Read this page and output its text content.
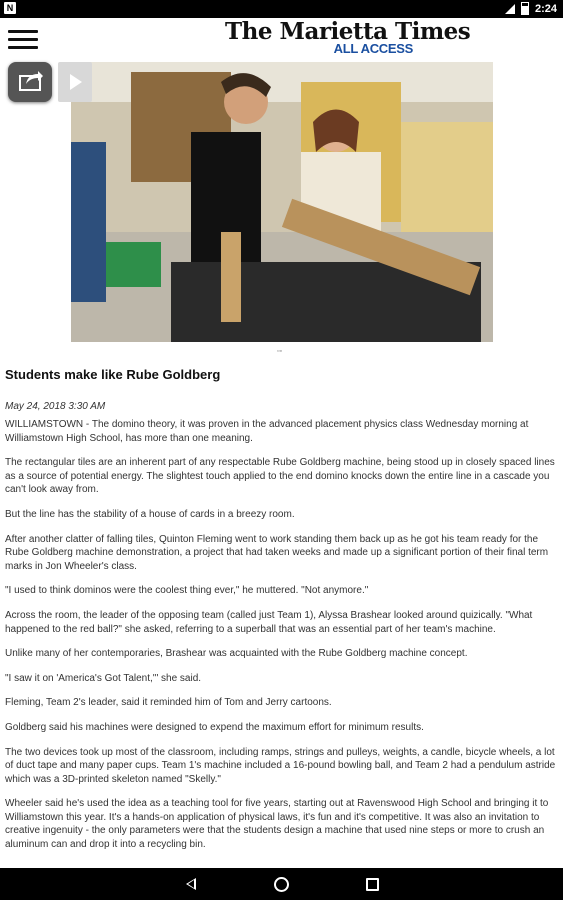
N	2:24
The Marietta Times
ALL ACCESS
▫▫
Students make like Rube Goldberg
May 24, 2018 3:30 AM

WILLIAMSTOWN - The domino theory, it was proven in the advanced placement physics class Wednesday morning at Williamstown High School, has more than one meaning.

The rectangular tiles are an inherent part of any respectable Rube Goldberg machine, being stood up in closely spaced lines as a source of potential energy. The slightest touch applied to the end domino knocks down the entire line in a cascade you can't look away from.

But the line has the stability of a house of cards in a breezy room.

After another clatter of falling tiles, Quinton Fleming went to work standing them back up as he got his team ready for the Rube Goldberg machine demonstration, a project that had taken weeks and made up a significant portion of their final term marks in Jon Wheeler's class.

"I used to think dominos were the coolest thing ever," he muttered. "Not anymore."

Across the room, the leader of the opposing team (called just Team 1), Alyssa Brashear looked around quizically. "What happened to the red ball?" she asked, referring to a superball that was an essential part of her team's machine.

Unlike many of her contemporaries, Brashear was acquainted with the Rube Goldberg machine concept.

"I saw it on 'America's Got Talent,'" she said.

Fleming, Team 2's leader, said it reminded him of Tom and Jerry cartoons.

Goldberg said his machines were designed to expend the maximum effort for minimum results.

The two devices took up most of the classroom, including ramps, strings and pulleys, weights, a candle, bicycle wheels, a lot of duct tape and many paper cups. Team 1's machine included a 16-pound bowling ball, and Team 2 had a pendulum astride which was a 3D-printed skeleton named "Skelly."

Wheeler said he's used the idea as a teaching tool for five years, starting out at Ravenswood High School and bringing it to Williamstown this year. It's a hands-on application of physical laws, it's fun and it's competitive. It was also an invitation to creative ingenuity - the only parameters were that the students design a machine that used nine steps or more to crush an aluminum can and drop it into a recycling bin.
